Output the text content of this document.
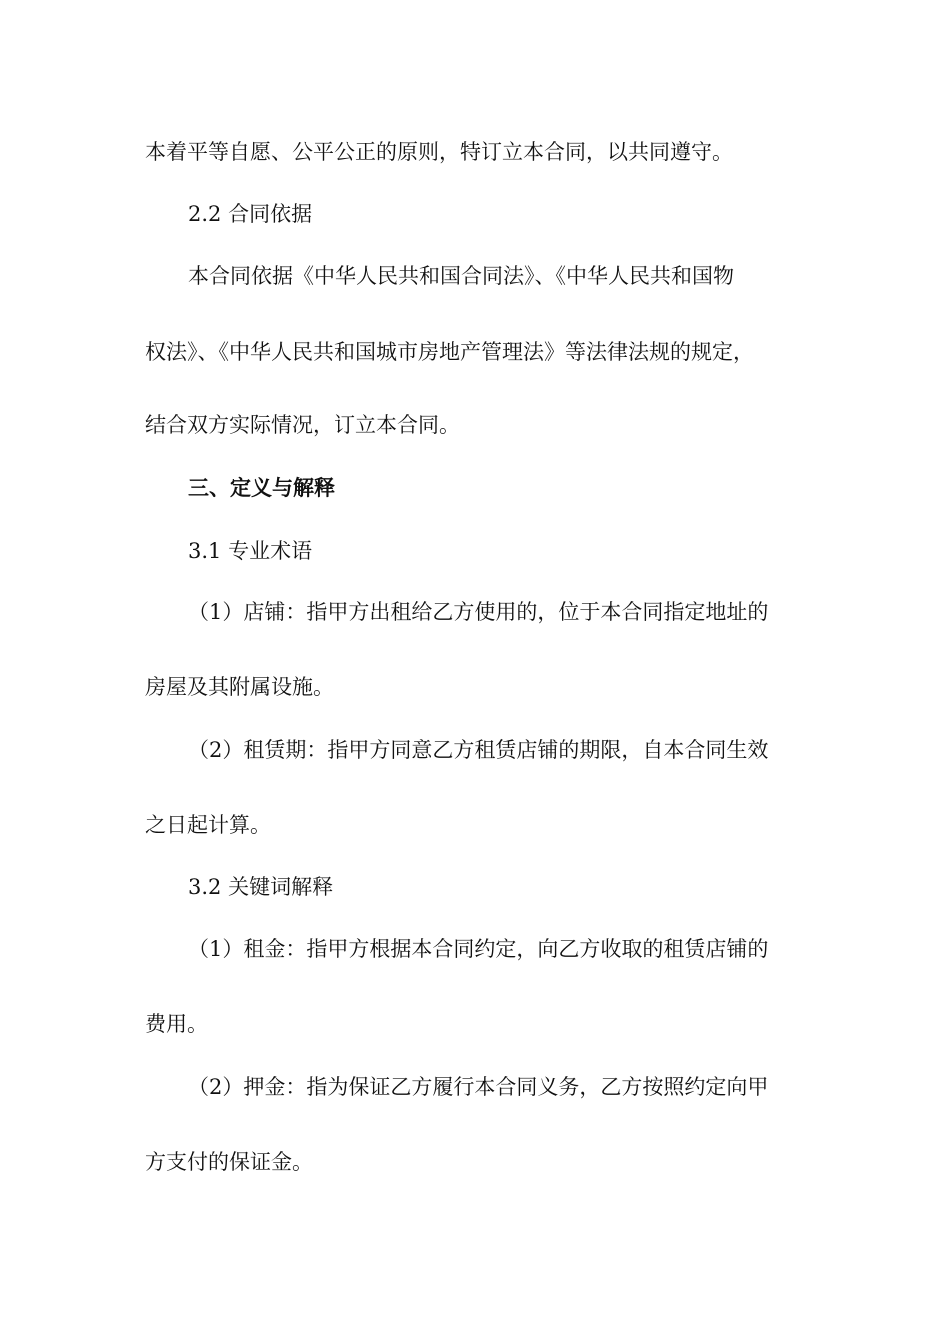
本着平等自愿、公平公正的原则，特订立本合同，以共同遵守。
2.2 合同依据
本合同依据《中华人民共和国合同法》、《中华人民共和国物
权法》、《中华人民共和国城市房地产管理法》等法律法规的规定，
结合双方实际情况，订立本合同。
三、定义与解释
3.1 专业术语
（1）店铺：指甲方出租给乙方使用的，位于本合同指定地址的
房屋及其附属设施。
（2）租赁期：指甲方同意乙方租赁店铺的期限，自本合同生效
之日起计算。
3.2 关键词解释
（1）租金：指甲方根据本合同约定，向乙方收取的租赁店铺的
费用。
（2）押金：指为保证乙方履行本合同义务，乙方按照约定向甲
方支付的保证金。
